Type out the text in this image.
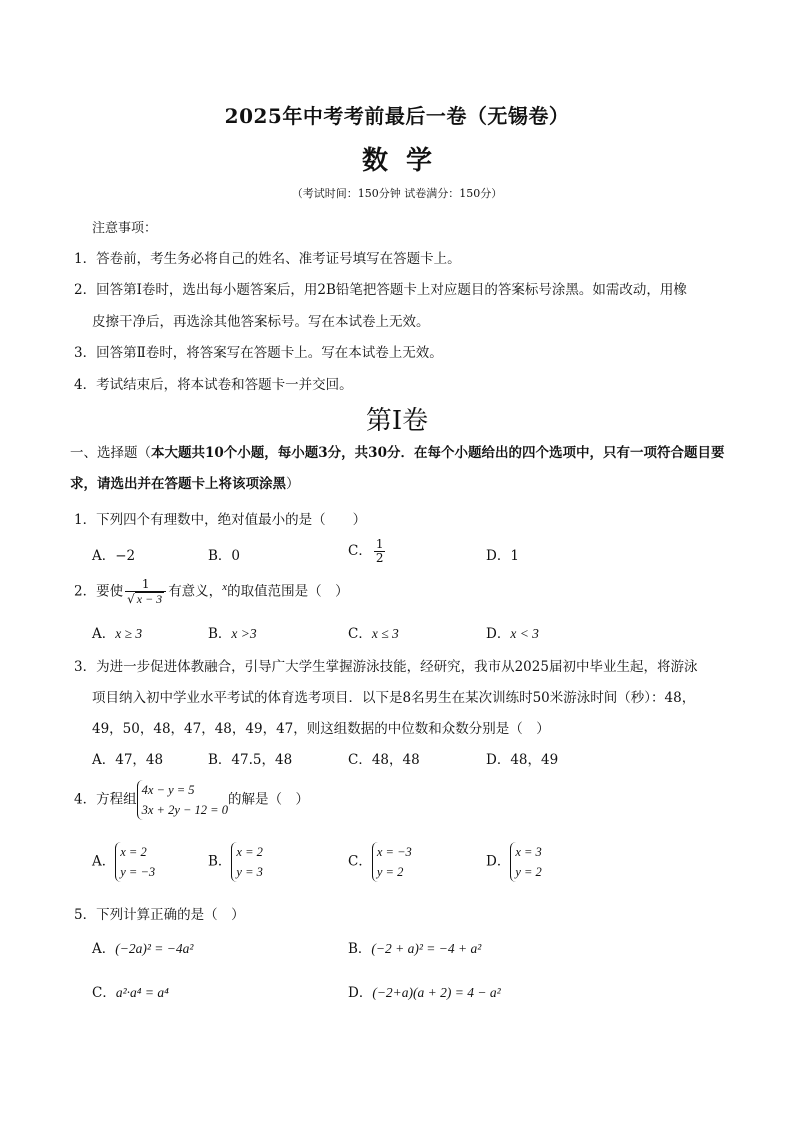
2025年中考考前最后一卷（无锡卷）
数学
（考试时间：150分钟 试卷满分：150分）
注意事项：
1．答卷前，考生务必将自己的姓名、准考证号填写在答题卡上。
2．回答第Ⅰ卷时，选出每小题答案后，用2B铅笔把答题卡上对应题目的答案标号涂黑。如需改动，用橡
皮擦干净后，再选涂其他答案标号。写在本试卷上无效。
3．回答第Ⅱ卷时，将答案写在答题卡上。写在本试卷上无效。
4．考试结束后，将本试卷和答题卡一并交回。
第Ⅰ卷
一、选择题（本大题共10个小题，每小题3分，共30分．在每个小题给出的四个选项中，只有一项符合题目要求，请选出并在答题卡上将该项涂黑）
1．下列四个有理数中，绝对值最小的是（　　）
A．−2	B．0	C． $\frac{1}{2}$	D．1
2．要使 $\frac{1}{√ x - 3}$ 有意义，$^x$的取值范围是（　）
A．x ≥ 3	B．x >3	C．x ≤ 3	D．x < 3
3．为进一步促进体教融合，引导广大学生掌握游泳技能，经研究，我市从2025届初中毕业生起，将游泳
项目纳入初中学业水平考试的体育选考项目．以下是8名男生在某次训练时50米游泳时间（秒）：48，
49，50，48，47，48，49，47，则这组数据的中位数和众数分别是（　）
A．47，48	B．47.5，48	C．48，48	D．48，49
4．方程组4x − y = 5
3x + 2y − 12 = 0的解是（　）
A．x = 2
y = −3
B．x = 2
y = 3
C．x = −3
y = 2
D．x = 3
y = 2
5．下列计算正确的是（　）
A．(−2a)² = −4a²	B．(−2 + a)² = −4 + a²
C．a²·a⁴ = a⁴	D．(−2+a)(a + 2) = 4 − a²
